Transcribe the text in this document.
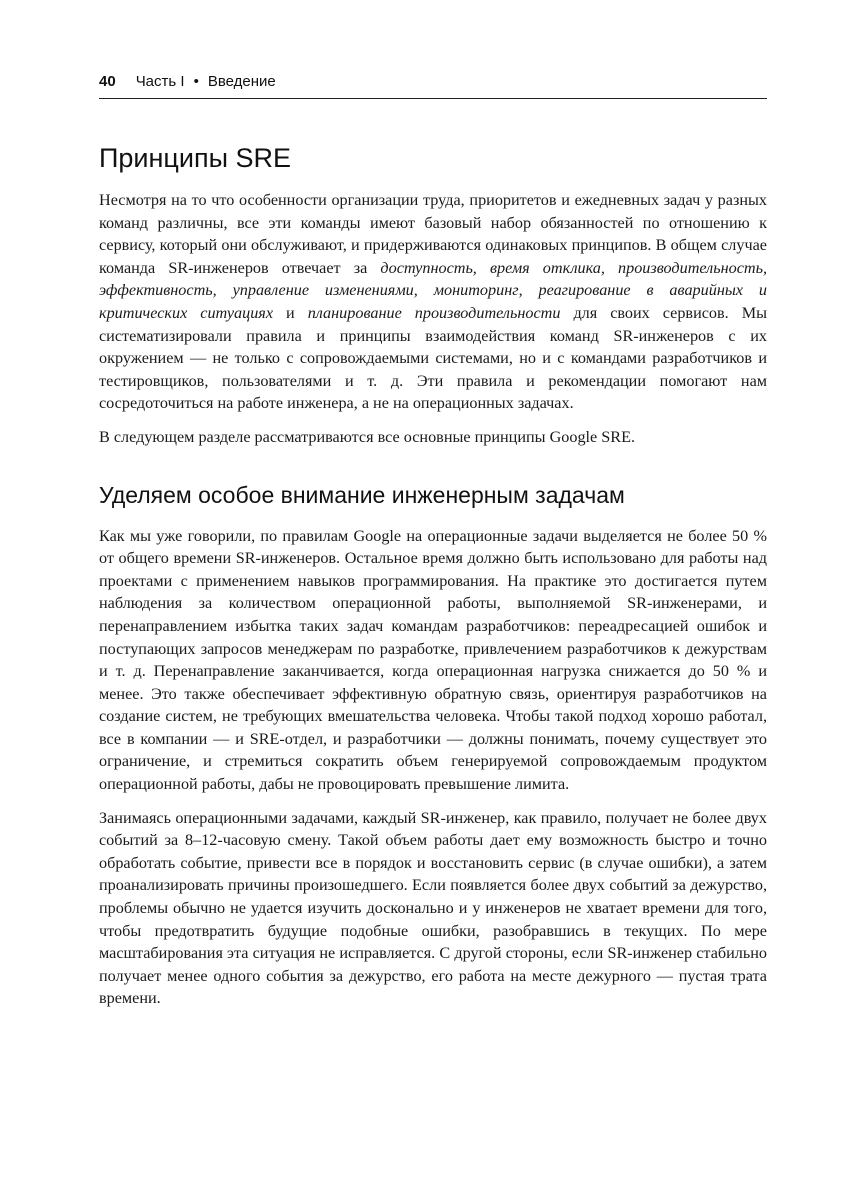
40 Часть I • Введение
Принципы SRE

Несмотря на то что особенности организации труда, приоритетов и ежедневных задач у разных команд различны, все эти команды имеют базовый набор обязанностей по отношению к сервису, который они обслуживают, и придерживаются одинаковых принципов. В общем случае команда SR-инженеров отвечает за доступность, время отклика, производительность, эффективность, управление изменениями, мониторинг, реагирование в аварийных и критических ситуациях и планирование производительности для своих сервисов. Мы систематизировали правила и принципы взаимодействия команд SR-инженеров с их окружением — не только с сопровождаемыми системами, но и с командами разработчиков и тестировщиков, пользователями и т. д. Эти правила и рекомендации помогают нам сосредоточиться на работе инженера, а не на операционных задачах.

В следующем разделе рассматриваются все основные принципы Google SRE.

Уделяем особое внимание инженерным задачам

Как мы уже говорили, по правилам Google на операционные задачи выделяется не более 50 % от общего времени SR-инженеров. Остальное время должно быть использовано для работы над проектами с применением навыков программирования. На практике это достигается путем наблюдения за количеством операционной работы, выполняемой SR-инженерами, и перенаправлением избытка таких задач командам разработчиков: переадресацией ошибок и поступающих запросов менеджерам по разработке, привлечением разработчиков к дежурствам и т. д. Перенаправление заканчивается, когда операционная нагрузка снижается до 50 % и менее. Это также обеспечивает эффективную обратную связь, ориентируя разработчиков на создание систем, не требующих вмешательства человека. Чтобы такой подход хорошо работал, все в компании — и SRE-отдел, и разработчики — должны понимать, почему существует это ограничение, и стремиться сократить объем генерируемой сопровождаемым продуктом операционной работы, дабы не провоцировать превышение лимита.

Занимаясь операционными задачами, каждый SR-инженер, как правило, получает не более двух событий за 8–12-часовую смену. Такой объем работы дает ему возможность быстро и точно обработать событие, привести все в порядок и восстановить сервис (в случае ошибки), а затем проанализировать причины произошедшего. Если появляется более двух событий за дежурство, проблемы обычно не удается изучить досконально и у инженеров не хватает времени для того, чтобы предотвратить будущие подобные ошибки, разобравшись в текущих. По мере масштабирования эта ситуация не исправляется. С другой стороны, если SR-инженер стабильно получает менее одного события за дежурство, его работа на месте дежурного — пустая трата времени.
